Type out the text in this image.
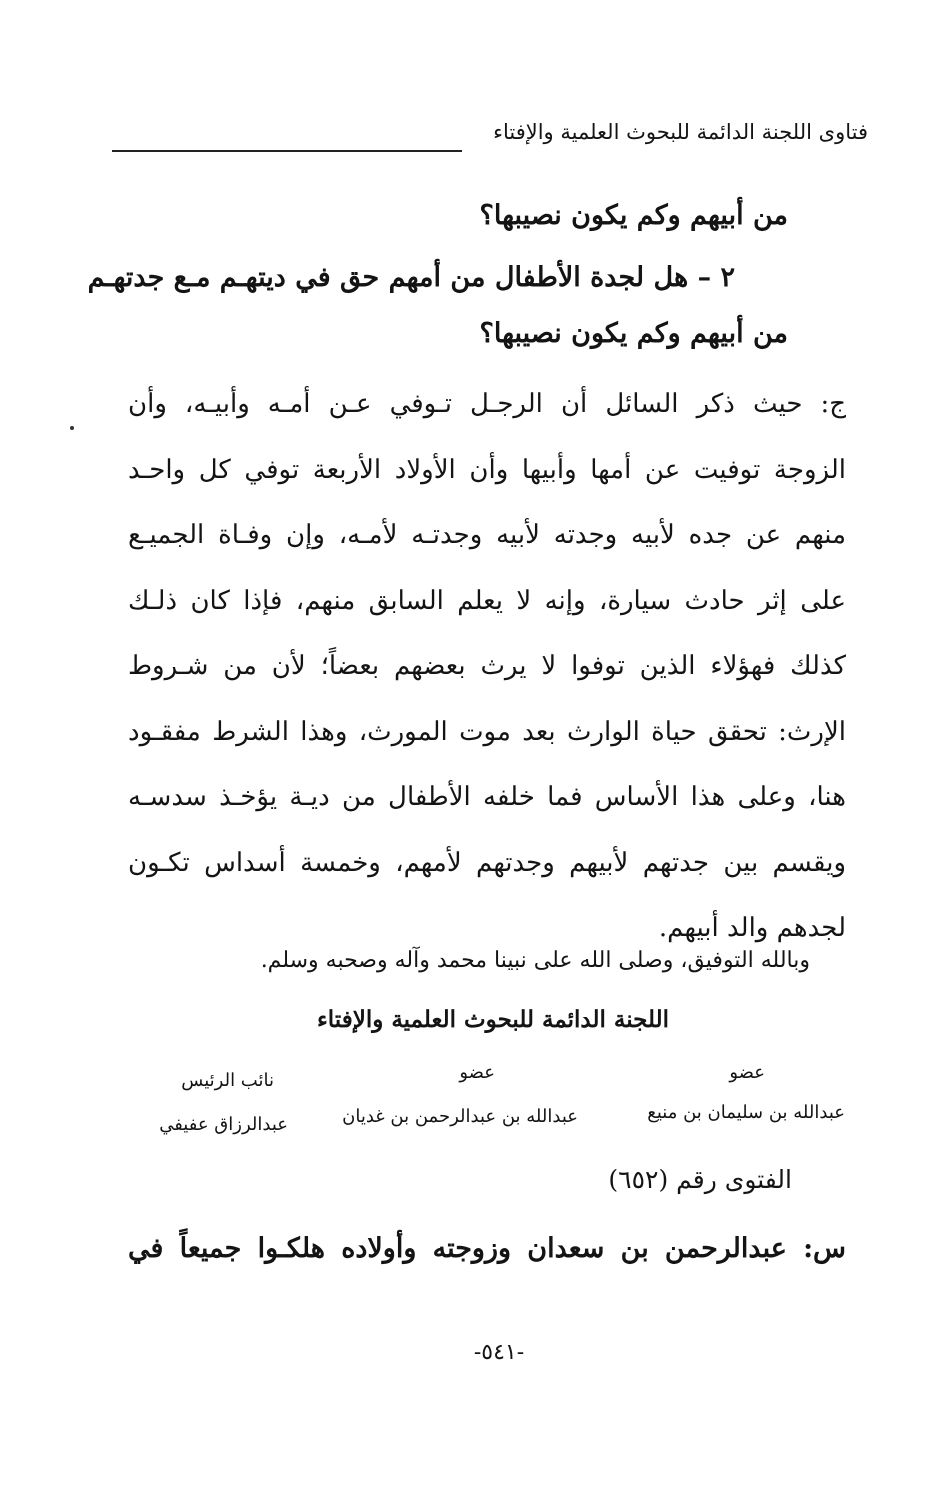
فتاوى اللجنة الدائمة للبحوث العلمية والإفتاء
من أبيهم وكم يكون نصيبها؟
٢ – هل لجدة الأطفال من أمهم حق في ديتهـم مـع جدتهـم
من أبيهم وكم يكون نصيبها؟
ج: حيث ذكر السائل أن الرجـل تـوفي عـن أمـه وأبيـه، وأن
الزوجة توفيت عن أمها وأبيها وأن الأولاد الأربعة توفي كل واحـد
منهم عن جده لأبيه وجدته لأبيه وجدتـه لأمـه، وإن وفـاة الجميـع
على إثر حادث سيارة، وإنه لا يعلم السابق منهم، فإذا كان ذلـك
كذلك فهؤلاء الذين توفوا لا يرث بعضهم بعضاً؛ لأن من شـروط
الإرث: تحقق حياة الوارث بعد موت المورث، وهذا الشرط مفقـود
هنا، وعلى هذا الأساس فما خلفه الأطفال من ديـة يؤخـذ سدسـه
ويقسم بين جدتهم لأبيهم وجدتهم لأمهم، وخمسة أسداس تكـون
لجدهم والد أبيهم.
وبالله التوفيق، وصلى الله على نبينا محمد وآله وصحبه وسلم.
اللجنة الدائمة للبحوث العلمية والإفتاء
عضو
عضو
نائب الرئيس
عبدالله بن سليمان بن منيع
عبدالله بن عبدالرحمن بن غديان
عبدالرزاق عفيفي
الفتوى رقم (٦٥٢)
س: عبدالرحمن بن سعدان وزوجته وأولاده هلكـوا جميعاً في
-٥٤١-
